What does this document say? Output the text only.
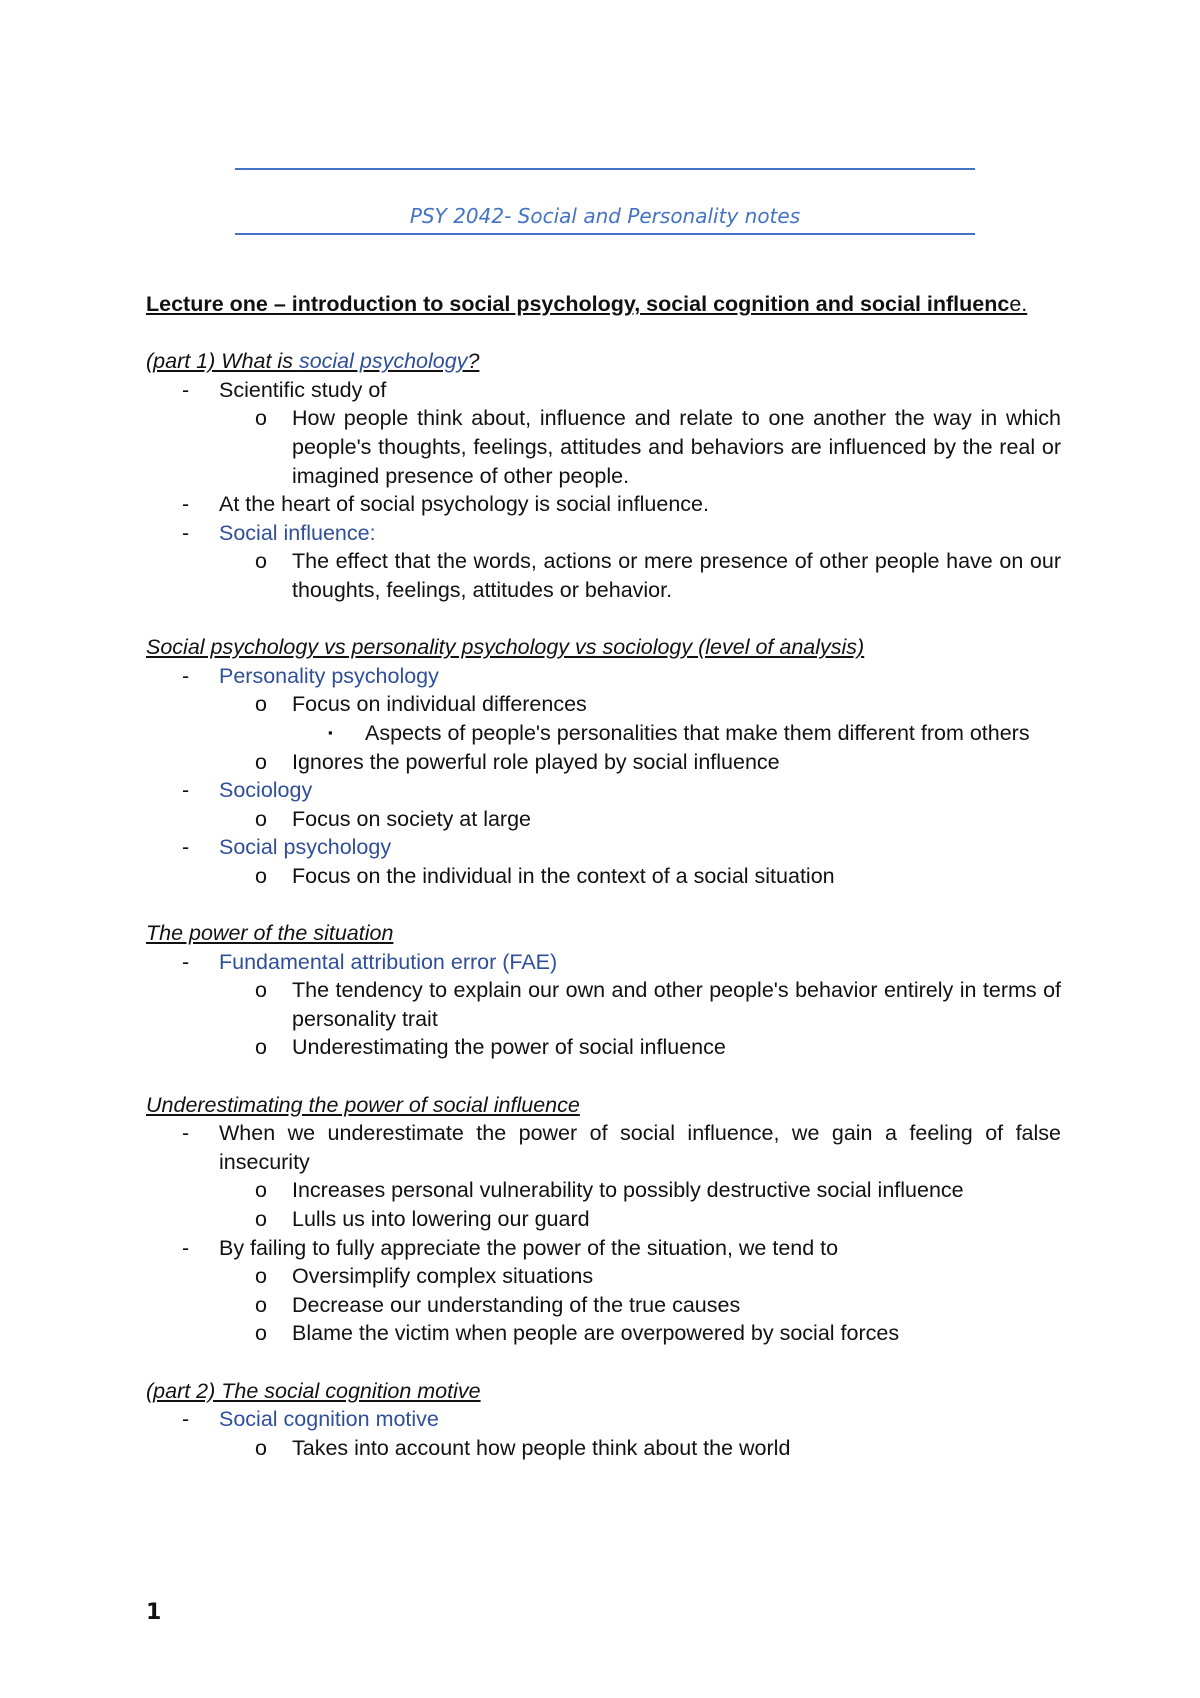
PSY 2042- Social and Personality notes

Lecture one – introduction to social psychology, social cognition and social influence.

(part 1) What is social psychology?

- Scientific study of
o How people think about, influence and relate to one another the way in which people's thoughts, feelings, attitudes and behaviors are influenced by the real or imagined presence of other people.
- At the heart of social psychology is social influence.
- Social influence:
o The effect that the words, actions or mere presence of other people have on our thoughts, feelings, attitudes or behavior.

Social psychology vs personality psychology vs sociology (level of analysis)

- Personality psychology
o Focus on individual differences
▪ Aspects of people's personalities that make them different from others
o Ignores the powerful role played by social influence
- Sociology
o Focus on society at large
- Social psychology
o Focus on the individual in the context of a social situation

The power of the situation

- Fundamental attribution error (FAE)
o The tendency to explain our own and other people's behavior entirely in terms of personality trait
o Underestimating the power of social influence

Underestimating the power of social influence

- When we underestimate the power of social influence, we gain a feeling of false insecurity
o Increases personal vulnerability to possibly destructive social influence
o Lulls us into lowering our guard
- By failing to fully appreciate the power of the situation, we tend to
o Oversimplify complex situations
o Decrease our understanding of the true causes
o Blame the victim when people are overpowered by social forces

(part 2) The social cognition motive

- Social cognition motive
o Takes into account how people think about the world
1
